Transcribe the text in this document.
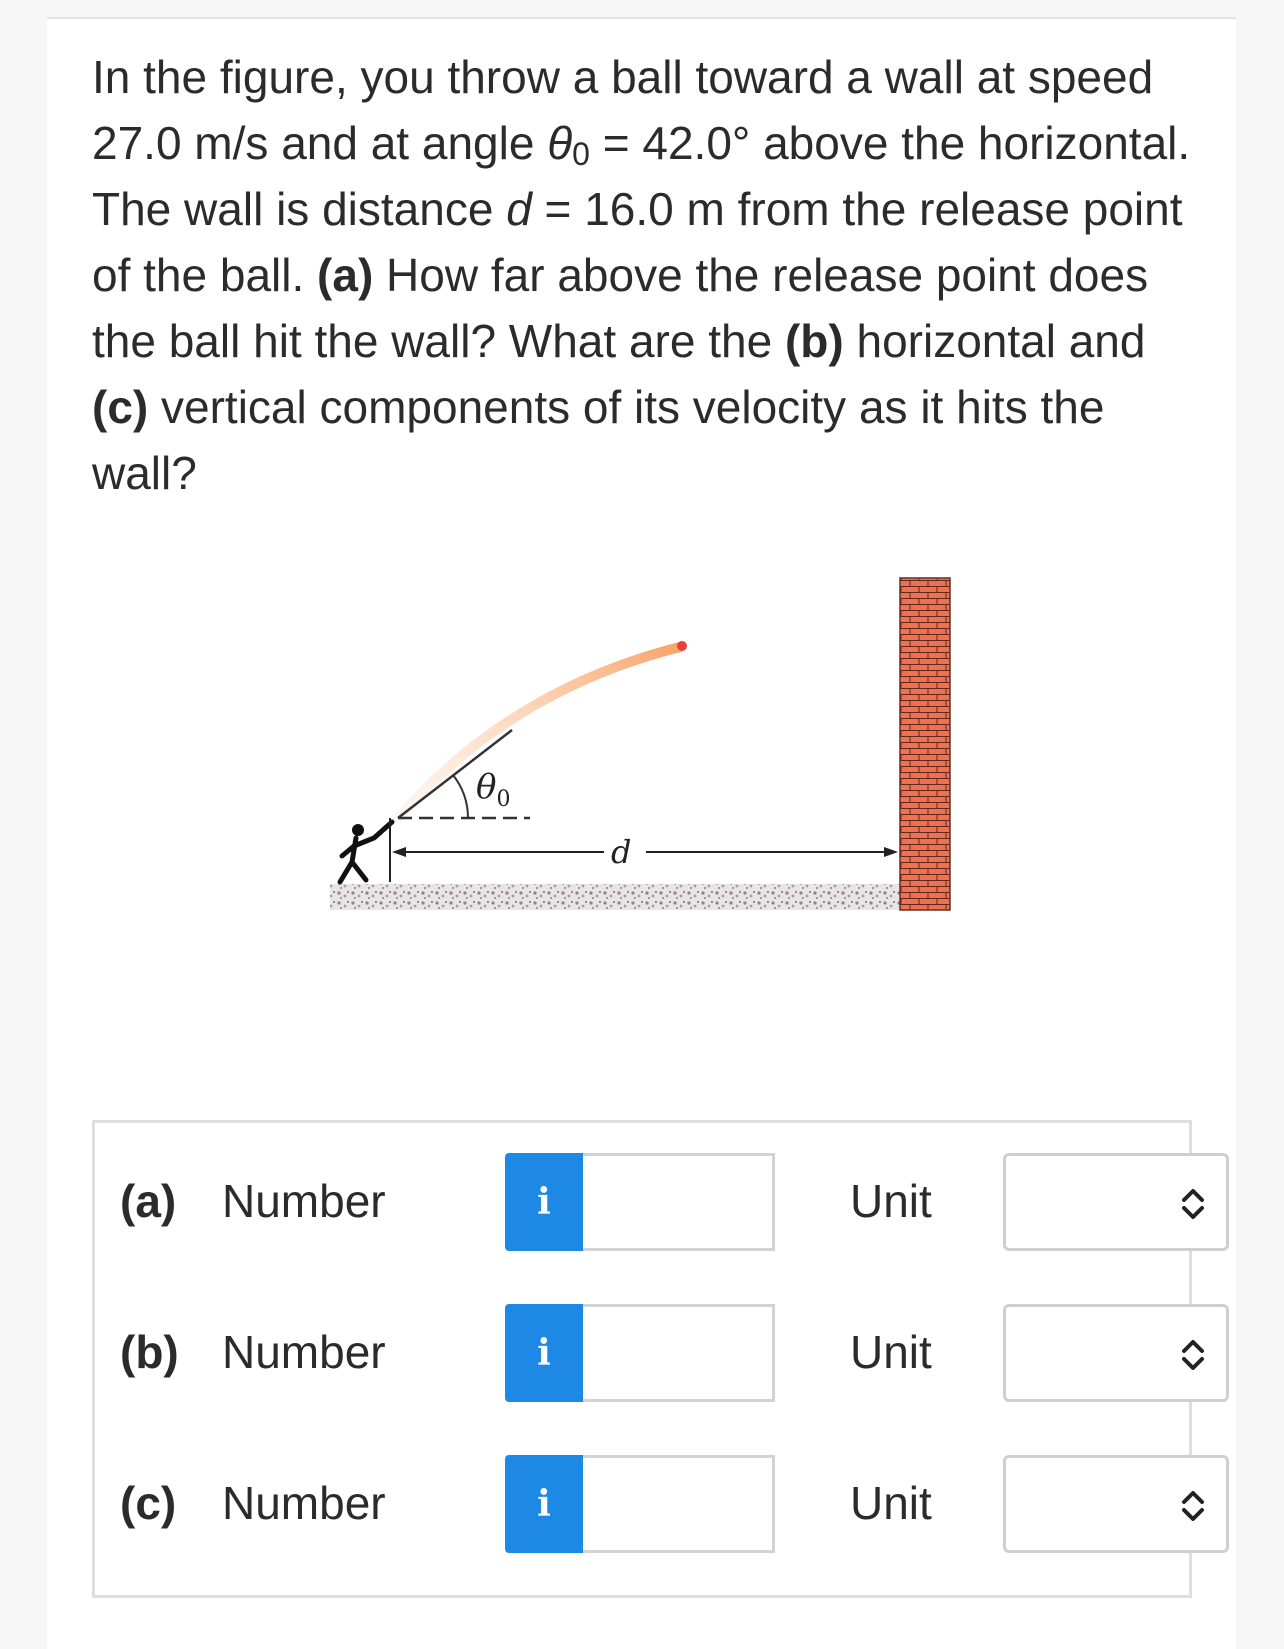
In the figure, you throw a ball toward a wall at speed 27.0 m/s and at angle $\theta_0 = 42.0^\circ$ above the horizontal. The wall is distance d = 16.0 m from the release point of the ball. (a) How far above the release point does the ball hit the wall? What are the (b) horizontal and (c) vertical components of its velocity as it hits the wall?

$\theta_0$
d
(a) Number	i	Unit
(b) Number	i	Unit
(c) Number	i	Unit
